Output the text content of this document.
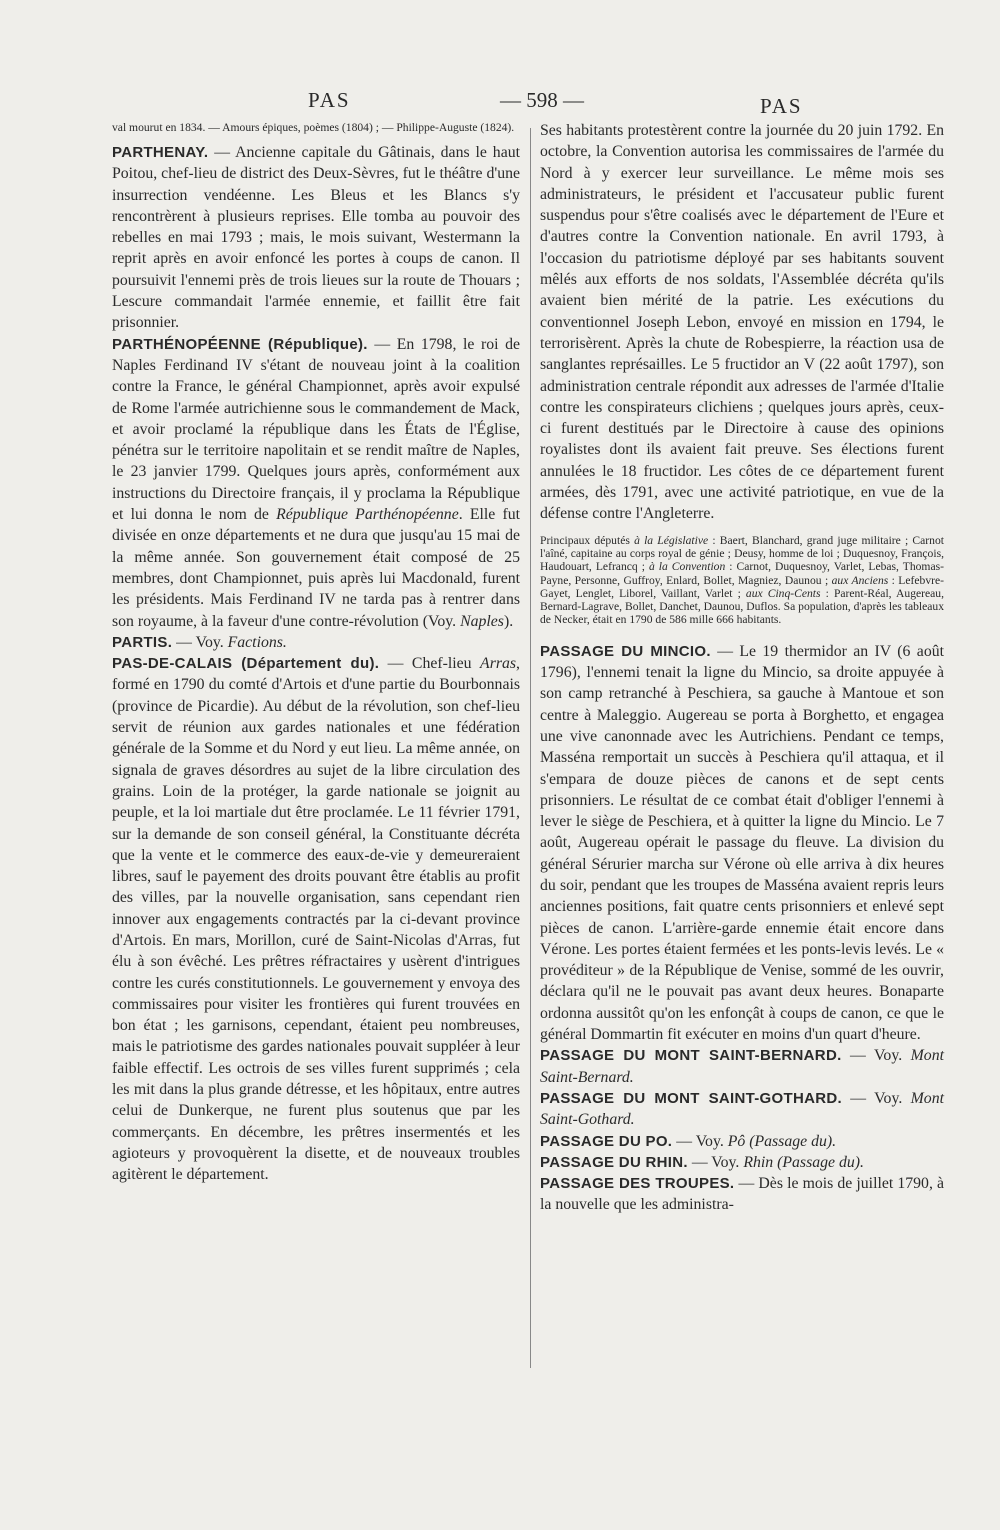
PAS	— 598 —	PAS

val mourut en 1834. — Amours épiques, poèmes (1804) ; — Philippe-Auguste (1824).

PARTHENAY. — Ancienne capitale du Gâtinais, dans le haut Poitou, chef-lieu de district des Deux-Sèvres, fut le théâtre d'une insurrection vendéenne. Les Bleus et les Blancs s'y rencontrèrent à plusieurs reprises. Elle tomba au pouvoir des rebelles en mai 1793 ; mais, le mois suivant, Westermann la reprit après en avoir enfoncé les portes à coups de canon. Il poursuivit l'ennemi près de trois lieues sur la route de Thouars ; Lescure commandait l'armée ennemie, et faillit être fait prisonnier.

PARTHÉNOPÉENNE (République). — En 1798, le roi de Naples Ferdinand IV s'étant de nouveau joint à la coalition contre la France, le général Championnet, après avoir expulsé de Rome l'armée autrichienne sous le commandement de Mack, et avoir proclamé la république dans les États de l'Église, pénétra sur le territoire napolitain et se rendit maître de Naples, le 23 janvier 1799. Quelques jours après, conformément aux instructions du Directoire français, il y proclama la République et lui donna le nom de République Parthénopéenne. Elle fut divisée en onze départements et ne dura que jusqu'au 15 mai de la même année. Son gouvernement était composé de 25 membres, dont Championnet, puis après lui Macdonald, furent les présidents. Mais Ferdinand IV ne tarda pas à rentrer dans son royaume, à la faveur d'une contre-révolution (Voy. Naples).

PARTIS. — Voy. Factions.

PAS-DE-CALAIS (Département du). — Chef-lieu Arras, formé en 1790 du comté d'Artois et d'une partie du Bourbonnais (province de Picardie). Au début de la révolution, son chef-lieu servit de réunion aux gardes nationales et une fédération générale de la Somme et du Nord y eut lieu. La même année, on signala de graves désordres au sujet de la libre circulation des grains. Loin de la protéger, la garde nationale se joignit au peuple, et la loi martiale dut être proclamée. Le 11 février 1791, sur la demande de son conseil général, la Constituante décréta que la vente et le commerce des eaux-de-vie y demeureraient libres, sauf le payement des droits pouvant être établis au profit des villes, par la nouvelle organisation, sans cependant rien innover aux engagements contractés par la ci-devant province d'Artois. En mars, Morillon, curé de Saint-Nicolas d'Arras, fut élu à son évêché. Les prêtres réfractaires y usèrent d'intrigues contre les curés constitutionnels. Le gouvernement y envoya des commissaires pour visiter les frontières qui furent trouvées en bon état ; les garnisons, cependant, étaient peu nombreuses, mais le patriotisme des gardes nationales pouvait suppléer à leur faible effectif. Les octrois de ses villes furent supprimés ; cela les mit dans la plus grande détresse, et les hôpitaux, entre autres celui de Dunkerque, ne furent plus soutenus que par les commerçants. En décembre, les prêtres insermentés et les agioteurs y provoquèrent la disette, et de nouveaux troubles agitèrent le département.

Ses habitants protestèrent contre la journée du 20 juin 1792. En octobre, la Convention autorisa les commissaires de l'armée du Nord à y exercer leur surveillance. Le même mois ses administrateurs, le président et l'accusateur public furent suspendus pour s'être coalisés avec le département de l'Eure et d'autres contre la Convention nationale. En avril 1793, à l'occasion du patriotisme déployé par ses habitants souvent mêlés aux efforts de nos soldats, l'Assemblée décréta qu'ils avaient bien mérité de la patrie. Les exécutions du conventionnel Joseph Lebon, envoyé en mission en 1794, le terrorisèrent. Après la chute de Robespierre, la réaction usa de sanglantes représailles. Le 5 fructidor an V (22 août 1797), son administration centrale répondit aux adresses de l'armée d'Italie contre les conspirateurs clichiens ; quelques jours après, ceux-ci furent destitués par le Directoire à cause des opinions royalistes dont ils avaient fait preuve. Ses élections furent annulées le 18 fructidor. Les côtes de ce département furent armées, dès 1791, avec une activité patriotique, en vue de la défense contre l'Angleterre.

Principaux députés à la Législative : Baert, Blanchard, grand juge militaire ; Carnot l'aîné, capitaine au corps royal de génie ; Deusy, homme de loi ; Duquesnoy, François, Haudouart, Lefrancq ; à la Convention : Carnot, Duquesnoy, Varlet, Lebas, Thomas-Payne, Personne, Guffroy, Enlard, Bollet, Magniez, Daunou ; aux Anciens : Lefebvre-Gayet, Lenglet, Liborel, Vaillant, Varlet ; aux Cinq-Cents : Parent-Réal, Augereau, Bernard-Lagrave, Bollet, Danchet, Daunou, Duflos. Sa population, d'après les tableaux de Necker, était en 1790 de 586 mille 666 habitants.

PASSAGE DU MINCIO. — Le 19 thermidor an IV (6 août 1796), l'ennemi tenait la ligne du Mincio, sa droite appuyée à son camp retranché à Peschiera, sa gauche à Mantoue et son centre à Maleggio. Augereau se porta à Borghetto, et engagea une vive canonnade avec les Autrichiens. Pendant ce temps, Masséna remportait un succès à Peschiera qu'il attaqua, et il s'empara de douze pièces de canons et de sept cents prisonniers. Le résultat de ce combat était d'obliger l'ennemi à lever le siège de Peschiera, et à quitter la ligne du Mincio. Le 7 août, Augereau opérait le passage du fleuve. La division du général Sérurier marcha sur Vérone où elle arriva à dix heures du soir, pendant que les troupes de Masséna avaient repris leurs anciennes positions, fait quatre cents prisonniers et enlevé sept pièces de canon. L'arrière-garde ennemie était encore dans Vérone. Les portes étaient fermées et les ponts-levis levés. Le « provéditeur » de la République de Venise, sommé de les ouvrir, déclara qu'il ne le pouvait pas avant deux heures. Bonaparte ordonna aussitôt qu'on les enfonçât à coups de canon, ce que le général Dommartin fit exécuter en moins d'un quart d'heure.

PASSAGE DU MONT SAINT-BERNARD. — Voy. Mont Saint-Bernard.

PASSAGE DU MONT SAINT-GOTHARD. — Voy. Mont Saint-Gothard.

PASSAGE DU PO. — Voy. Pô (Passage du).

PASSAGE DU RHIN. — Voy. Rhin (Passage du).

PASSAGE DES TROUPES. — Dès le mois de juillet 1790, à la nouvelle que les administra-
